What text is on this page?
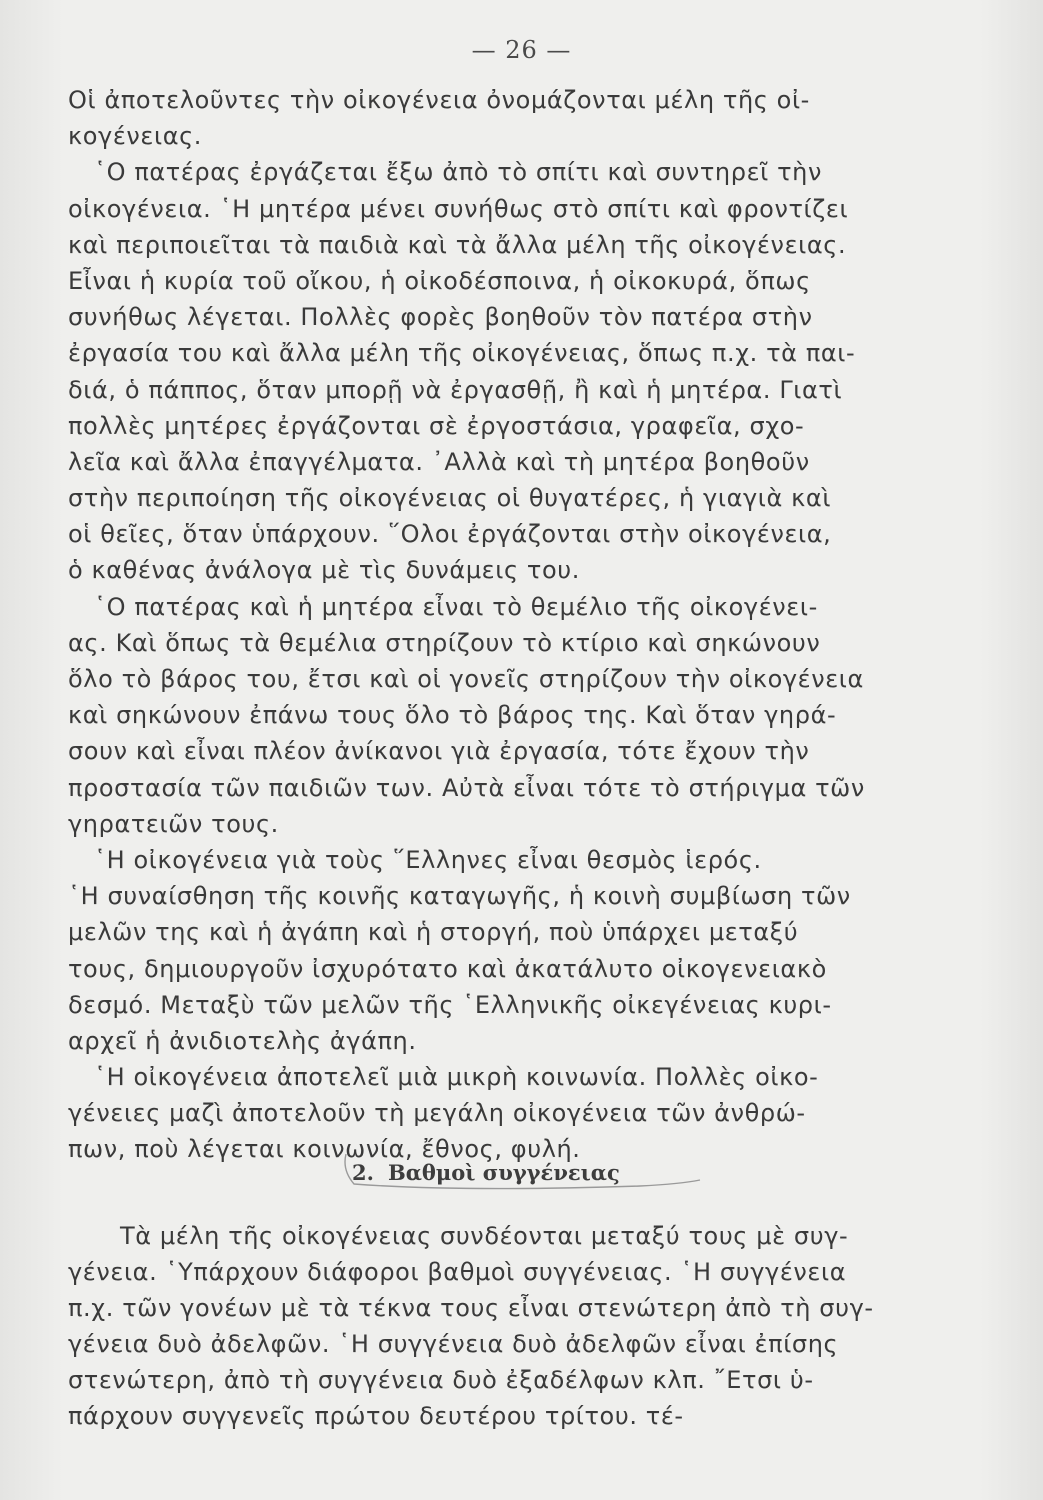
— 26 —
Οἱ ἀποτελοῦντες τὴν οἰκογένεια ὀνομάζονται μέλη τῆς οἰ-
κογένειας.
῾Ο πατέρας ἐργάζεται ἔξω ἀπὸ τὸ σπίτι καὶ συντηρεῖ τὴν
οἰκογένεια. ῾Η μητέρα μένει συνήθως στὸ σπίτι καὶ φροντίζει
καὶ περιποιεῖται τὰ παιδιὰ καὶ τὰ ἄλλα μέλη τῆς οἰκογένειας.
Εἶναι ἡ κυρία τοῦ οἴκου, ἡ οἰκοδέσποινα, ἡ οἰκοκυρά, ὅπως
συνήθως λέγεται. Πολλὲς φορὲς βοηθοῦν τὸν πατέρα στὴν
ἐργασία του καὶ ἄλλα μέλη τῆς οἰκογένειας, ὅπως π.χ. τὰ παι-
διά, ὁ πάππος, ὅταν μπορῇ νὰ ἐργασθῇ, ἢ καὶ ἡ μητέρα. Γιατὶ
πολλὲς μητέρες ἐργάζονται σὲ ἐργοστάσια, γραφεῖα, σχο-
λεῖα καὶ ἄλλα ἐπαγγέλματα. ᾽Αλλὰ καὶ τὴ μητέρα βοηθοῦν
στὴν περιποίηση τῆς οἰκογένειας οἱ θυγατέρες, ἡ γιαγιὰ καὶ
οἱ θεῖες, ὅταν ὑπάρχουν. ῞Ολοι ἐργάζονται στὴν οἰκογένεια,
ὁ καθένας ἀνάλογα μὲ τὶς δυνάμεις του.
῾Ο πατέρας καὶ ἡ μητέρα εἶναι τὸ θεμέλιο τῆς οἰκογένει-
ας. Καὶ ὅπως τὰ θεμέλια στηρίζουν τὸ κτίριο καὶ σηκώνουν
ὅλο τὸ βάρος του, ἔτσι καὶ οἱ γονεῖς στηρίζουν τὴν οἰκογένεια
καὶ σηκώνουν ἐπάνω τους ὅλο τὸ βάρος της. Καὶ ὅταν γηρά-
σουν καὶ εἶναι πλέον ἀνίκανοι γιὰ ἐργασία, τότε ἔχουν τὴν
προστασία τῶν παιδιῶν των. Αὐτὰ εἶναι τότε τὸ στήριγμα τῶν
γηρατειῶν τους.
῾Η οἰκογένεια γιὰ τοὺς ῞Ελληνες εἶναι θεσμὸς ἱερός.
῾Η συναίσθηση τῆς κοινῆς καταγωγῆς, ἡ κοινὴ συμβίωση τῶν
μελῶν της καὶ ἡ ἀγάπη καὶ ἡ στοργή, ποὺ ὑπάρχει μεταξύ
τους, δημιουργοῦν ἰσχυρότατο καὶ ἀκατάλυτο οἰκογενειακὸ
δεσμό. Μεταξὺ τῶν μελῶν τῆς ῾Ελληνικῆς οἰκεγένειας κυρι-
αρχεῖ ἡ ἀνιδιοτελὴς ἀγάπη.
῾Η οἰκογένεια ἀποτελεῖ μιὰ μικρὴ κοινωνία. Πολλὲς οἰκο-
γένειες μαζὶ ἀποτελοῦν τὴ μεγάλη οἰκογένεια τῶν ἀνθρώ-
πων, ποὺ λέγεται κοινωνία, ἔθνος, φυλή.
2. Βαθμοὶ συγγένειας
Τὰ μέλη τῆς οἰκογένειας συνδέονται μεταξύ τους μὲ συγ-
γένεια. ῾Υπάρχουν διάφοροι βαθμοὶ συγγένειας. ῾Η συγγένεια
π.χ. τῶν γονέων μὲ τὰ τέκνα τους εἶναι στενώτερη ἀπὸ τὴ συγ-
γένεια δυὸ ἀδελφῶν. ῾Η συγγένεια δυὸ ἀδελφῶν εἶναι ἐπίσης
στενώτερη, ἀπὸ τὴ συγγένεια δυὸ ἐξαδέλφων κλπ. ῎Ετσι ὑ-
πάρχουν συγγενεῖς πρώτου δευτέρου τρίτου. τέ-
